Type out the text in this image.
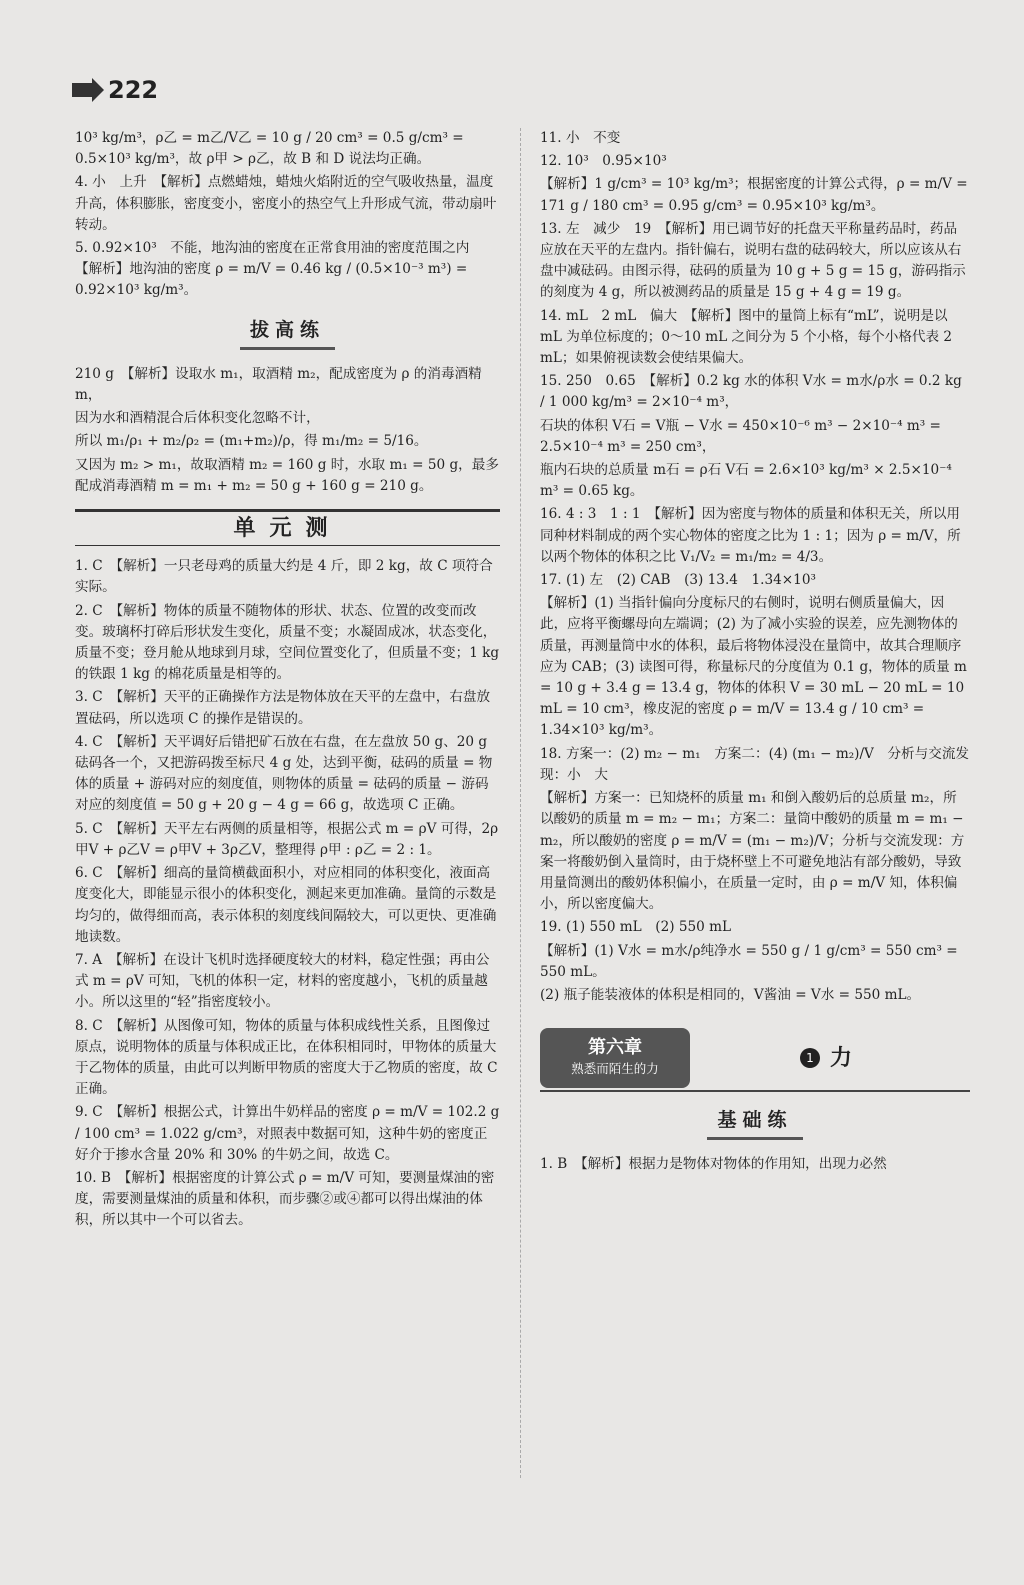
222

10³ kg/m³，ρ乙 = m乙/V乙 = 10 g / 20 cm³ = 0.5 g/cm³ = 0.5×10³ kg/m³，故 ρ甲 > ρ乙，故 B 和 D 说法均正确。

4. 小　上升　【解析】点燃蜡烛，蜡烛火焰附近的空气吸收热量，温度升高，体积膨胀，密度变小，密度小的热空气上升形成气流，带动扇叶转动。

5. 0.92×10³　不能，地沟油的密度在正常食用油的密度范围之内　【解析】地沟油的密度 ρ = m/V = 0.46 kg / (0.5×10⁻³ m³) = 0.92×10³ kg/m³。

拔高练

210 g　【解析】设取水 m₁，取酒精 m₂，配成密度为 ρ 的消毒酒精 m，

因为水和酒精混合后体积变化忽略不计，

所以 m₁/ρ₁ + m₂/ρ₂ = (m₁+m₂)/ρ，得 m₁/m₂ = 5/16。

又因为 m₂ > m₁，故取酒精 m₂ = 160 g 时，水取 m₁ = 50 g，最多配成消毒酒精 m = m₁ + m₂ = 50 g + 160 g = 210 g。

单元测

1. C　【解析】一只老母鸡的质量大约是 4 斤，即 2 kg，故 C 项符合实际。

2. C　【解析】物体的质量不随物体的形状、状态、位置的改变而改变。玻璃杯打碎后形状发生变化，质量不变；水凝固成冰，状态变化，质量不变；登月舱从地球到月球，空间位置变化了，但质量不变；1 kg 的铁跟 1 kg 的棉花质量是相等的。

3. C　【解析】天平的正确操作方法是物体放在天平的左盘中，右盘放置砝码，所以选项 C 的操作是错误的。

4. C　【解析】天平调好后错把矿石放在右盘，在左盘放 50 g、20 g 砝码各一个，又把游码拨至标尺 4 g 处，达到平衡，砝码的质量 = 物体的质量 + 游码对应的刻度值，则物体的质量 = 砝码的质量 − 游码对应的刻度值 = 50 g + 20 g − 4 g = 66 g，故选项 C 正确。

5. C　【解析】天平左右两侧的质量相等，根据公式 m = ρV 可得，2ρ甲V + ρ乙V = ρ甲V + 3ρ乙V，整理得 ρ甲 : ρ乙 = 2 : 1。

6. C　【解析】细高的量筒横截面积小，对应相同的体积变化，液面高度变化大，即能显示很小的体积变化，测起来更加准确。量筒的示数是均匀的，做得细而高，表示体积的刻度线间隔较大，可以更快、更准确地读数。

7. A　【解析】在设计飞机时选择硬度较大的材料，稳定性强；再由公式 m = ρV 可知，飞机的体积一定，材料的密度越小，飞机的质量越小。所以这里的“轻”指密度较小。

8. C　【解析】从图像可知，物体的质量与体积成线性关系，且图像过原点，说明物体的质量与体积成正比，在体积相同时，甲物体的质量大于乙物体的质量，由此可以判断甲物质的密度大于乙物质的密度，故 C 正确。

9. C　【解析】根据公式，计算出牛奶样品的密度 ρ = m/V = 102.2 g / 100 cm³ = 1.022 g/cm³，对照表中数据可知，这种牛奶的密度正好介于掺水含量 20% 和 30% 的牛奶之间，故选 C。

10. B　【解析】根据密度的计算公式 ρ = m/V 可知，要测量煤油的密度，需要测量煤油的质量和体积，而步骤②或④都可以得出煤油的体积，所以其中一个可以省去。

11. 小　不变

12. 10³　0.95×10³

【解析】1 g/cm³ = 10³ kg/m³；根据密度的计算公式得，ρ = m/V = 171 g / 180 cm³ = 0.95 g/cm³ = 0.95×10³ kg/m³。

13. 左　减少　19　【解析】用已调节好的托盘天平称量药品时，药品应放在天平的左盘内。指针偏右，说明右盘的砝码较大，所以应该从右盘中减砝码。由图示得，砝码的质量为 10 g + 5 g = 15 g，游码指示的刻度为 4 g，所以被测药品的质量是 15 g + 4 g = 19 g。

14. mL　2 mL　偏大　【解析】图中的量筒上标有“mL”，说明是以 mL 为单位标度的；0～10 mL 之间分为 5 个小格，每个小格代表 2 mL；如果俯视读数会使结果偏大。

15. 250　0.65　【解析】0.2 kg 水的体积 V水 = m水/ρ水 = 0.2 kg / 1 000 kg/m³ = 2×10⁻⁴ m³，

石块的体积 V石 = V瓶 − V水 = 450×10⁻⁶ m³ − 2×10⁻⁴ m³ = 2.5×10⁻⁴ m³ = 250 cm³，

瓶内石块的总质量 m石 = ρ石 V石 = 2.6×10³ kg/m³ × 2.5×10⁻⁴ m³ = 0.65 kg。

16. 4 : 3　1 : 1　【解析】因为密度与物体的质量和体积无关，所以用同种材料制成的两个实心物体的密度之比为 1 : 1；因为 ρ = m/V，所以两个物体的体积之比 V₁/V₂ = m₁/m₂ = 4/3。

17. (1) 左　(2) CAB　(3) 13.4　1.34×10³

【解析】(1) 当指针偏向分度标尺的右侧时，说明右侧质量偏大，因此，应将平衡螺母向左端调；(2) 为了减小实验的误差，应先测物体的质量，再测量筒中水的体积，最后将物体浸没在量筒中，故其合理顺序应为 CAB；(3) 读图可得，称量标尺的分度值为 0.1 g，物体的质量 m = 10 g + 3.4 g = 13.4 g，物体的体积 V = 30 mL − 20 mL = 10 mL = 10 cm³，橡皮泥的密度 ρ = m/V = 13.4 g / 10 cm³ = 1.34×10³ kg/m³。

18. 方案一：(2) m₂ − m₁　方案二：(4) (m₁ − m₂)/V　分析与交流发现：小　大

【解析】方案一：已知烧杯的质量 m₁ 和倒入酸奶后的总质量 m₂，所以酸奶的质量 m = m₂ − m₁；方案二：量筒中酸奶的质量 m = m₁ − m₂，所以酸奶的密度 ρ = m/V = (m₁ − m₂)/V；分析与交流发现：方案一将酸奶倒入量筒时，由于烧杯壁上不可避免地沾有部分酸奶，导致用量筒测出的酸奶体积偏小，在质量一定时，由 ρ = m/V 知，体积偏小，所以密度偏大。

19. (1) 550 mL　(2) 550 mL

【解析】(1) V水 = m水/ρ纯净水 = 550 g / 1 g/cm³ = 550 cm³ = 550 mL。

(2) 瓶子能装液体的体积是相同的，V酱油 = V水 = 550 mL。

第六章
熟悉而陌生的力
1 力
基础练

1. B　【解析】根据力是物体对物体的作用知，出现力必然
